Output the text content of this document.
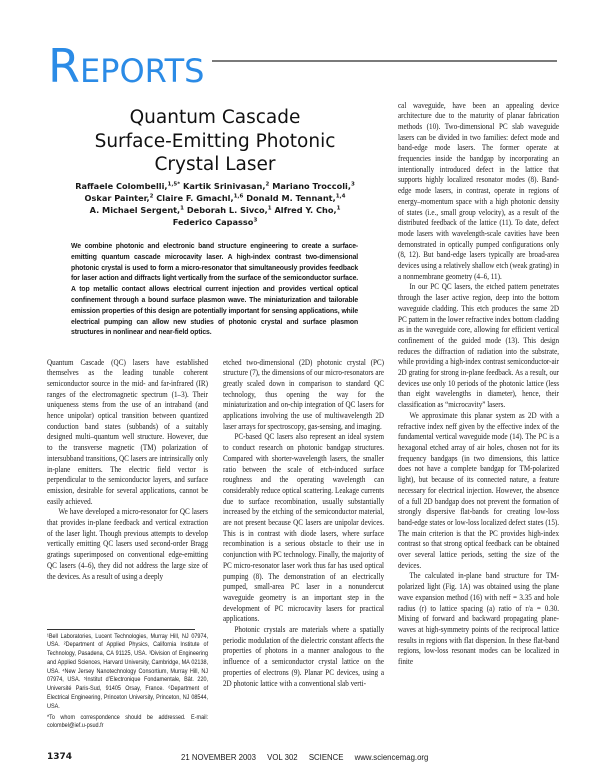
Reports
Quantum Cascade
Surface-Emitting Photonic
Crystal Laser
Raffaele Colombelli,$^{1,5*}$ Kartik Srinivasan,$^2$ Mariano Troccoli,$^3$
Oskar Painter,$^2$ Claire F. Gmachl,$^{1,6}$ Donald M. Tennant,$^{1,4}$
A. Michael Sergent,$^1$ Deborah L. Sivco,$^1$ Alfred Y. Cho,$^1$
Federico Capasso$^3$
We combine photonic and electronic band structure engineering to create a surface-emitting quantum cascade microcavity laser. A high-index contrast two-dimensional photonic crystal is used to form a micro-resonator that simultaneously provides feedback for laser action and diffracts light vertically from the surface of the semiconductor surface. A top metallic contact allows electrical current injection and provides vertical optical confinement through a bound surface plasmon wave. The miniaturization and tailorable emission properties of this design are potentially important for sensing applications, while electrical pumping can allow new studies of photonic crystal and surface plasmon structures in nonlinear and near-field optics.

Quantum Cascade (QC) lasers have established themselves as the leading tunable coherent semiconductor source in the mid- and far-infrared (IR) ranges of the electromagnetic spectrum (1–3). Their uniqueness stems from the use of an intraband (and hence unipolar) optical transition between quantized conduction band states (subbands) of a suitably designed multi–quantum well structure. However, due to the transverse magnetic (TM) polarization of intersubband transitions, QC lasers are intrinsically only in-plane emitters. The electric field vector is perpendicular to the semiconductor layers, and surface emission, desirable for several applications, cannot be easily achieved.

We have developed a micro-resonator for QC lasers that provides in-plane feedback and vertical extraction of the laser light. Though previous attempts to develop vertically emitting QC lasers used second-order Bragg gratings superimposed on conventional edge-emitting QC lasers (4–6), they did not address the large size of the devices. As a result of using a deeply

etched two-dimensional (2D) photonic crystal (PC) structure (7), the dimensions of our micro-resonators are greatly scaled down in comparison to standard QC technology, thus opening the way for the miniaturization and on-chip integration of QC lasers for applications involving the use of multiwavelength 2D laser arrays for spectroscopy, gas-sensing, and imaging.

PC-based QC lasers also represent an ideal system to conduct research on photonic bandgap structures. Compared with shorter-wavelength lasers, the smaller ratio between the scale of etch-induced surface roughness and the operating wavelength can considerably reduce optical scattering. Leakage currents due to surface recombination, usually substantially increased by the etching of the semiconductor material, are not present because QC lasers are unipolar devices. This is in contrast with diode lasers, where surface recombination is a serious obstacle to their use in conjunction with PC technology. Finally, the majority of PC micro-resonator laser work thus far has used optical pumping (8). The demonstration of an electrically pumped, small-area PC laser in a nonundercut waveguide geometry is an important step in the development of PC microcavity lasers for practical applications.

Photonic crystals are materials where a spatially periodic modulation of the dielectric constant affects the properties of photons in a manner analogous to the influence of a semiconductor crystal lattice on the properties of electrons (9). Planar PC devices, using a 2D photonic lattice with a conventional slab verti-

cal waveguide, have been an appealing device architecture due to the maturity of planar fabrication methods (10). Two-dimensional PC slab waveguide lasers can be divided in two families: defect mode and band-edge mode lasers. The former operate at frequencies inside the bandgap by incorporating an intentionally introduced defect in the lattice that supports highly localized resonator modes (8). Band-edge mode lasers, in contrast, operate in regions of energy–momentum space with a high photonic density of states (i.e., small group velocity), as a result of the distributed feedback of the lattice (11). To date, defect mode lasers with wavelength-scale cavities have been demonstrated in optically pumped configurations only (8, 12). But band-edge lasers typically are broad-area devices using a relatively shallow etch (weak grating) in a nonmembrane geometry (4–6, 11).

In our PC QC lasers, the etched pattern penetrates through the laser active region, deep into the bottom waveguide cladding. This etch produces the same 2D PC pattern in the lower refractive index bottom cladding as in the waveguide core, allowing for efficient vertical confinement of the guided mode (13). This design reduces the diffraction of radiation into the substrate, while providing a high-index contrast semiconductor-air 2D grating for strong in-plane feedback. As a result, our devices use only 10 periods of the photonic lattice (less than eight wavelengths in diameter), hence, their classification as “microcavity” lasers.

We approximate this planar system as 2D with a refractive index neff given by the effective index of the fundamental vertical waveguide mode (14). The PC is a hexagonal etched array of air holes, chosen not for its frequency bandgaps (in two dimensions, this lattice does not have a complete bandgap for TM-polarized light), but because of its connected nature, a feature necessary for electrical injection. However, the absence of a full 2D bandgap does not prevent the formation of strongly dispersive flat-bands for creating low-loss band-edge states or low-loss localized defect states (15). The main criterion is that the PC provides high-index contrast so that strong optical feedback can be obtained over several lattice periods, setting the size of the devices.

The calculated in-plane band structure for TM-polarized light (Fig. 1A) was obtained using the plane wave expansion method (16) with neff = 3.35 and hole radius (r) to lattice spacing (a) ratio of r/a = 0.30. Mixing of forward and backward propagating plane-waves at high-symmetry points of the reciprocal lattice results in regions with flat dispersion. In these flat-band regions, low-loss resonant modes can be localized in finite

¹Bell Laboratories, Lucent Technologies, Murray Hill, NJ 07974, USA. ²Department of Applied Physics, California Institute of Technology, Pasadena, CA 91125, USA. ³Division of Engineering and Applied Sciences, Harvard University, Cambridge, MA 02138, USA. ⁴New Jersey Nanotechnology Consortium, Murray Hill, NJ 07974, USA. ⁵Institut d’Electronique Fondamentale, Bât. 220, Université Paris-Sud, 91405 Orsay, France. ⁶Department of Electrical Engineering, Princeton University, Princeton, NJ 08544, USA.

*To whom correspondence should be addressed. E-mail: colombel@ief.u-psud.fr

1374	21 NOVEMBER 2003 VOL 302 SCIENCE www.sciencemag.org
